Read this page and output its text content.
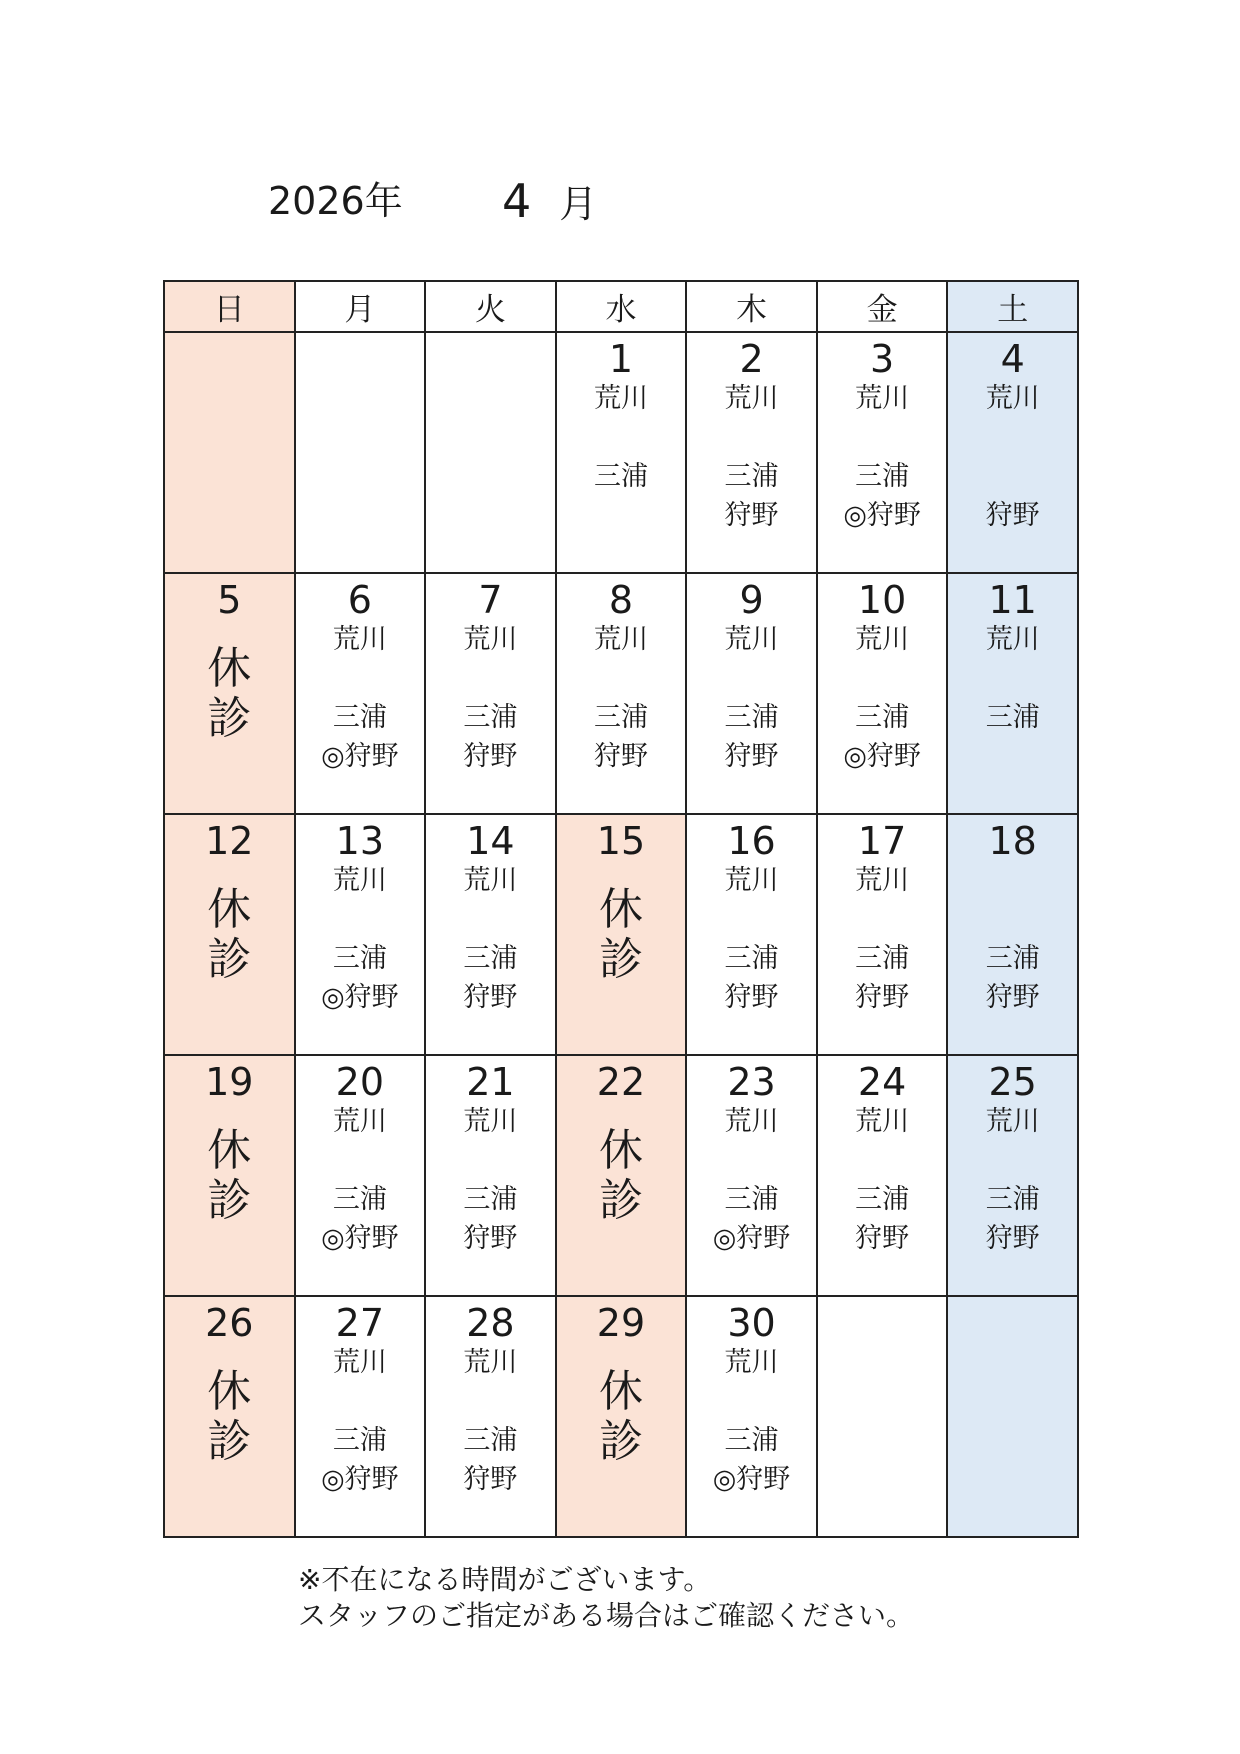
2026年 4 月
日	月	火	水	木	金	土

			1
荒川
三浦	2
荒川
三浦
狩野	3
荒川
三浦
◎狩野	4
荒川
狩野

5
休
診	6
荒川
三浦
◎狩野	7
荒川
三浦
狩野	8
荒川
三浦
狩野	9
荒川
三浦
狩野	10
荒川
三浦
◎狩野	11
荒川
三浦

12
休
診	13
荒川
三浦
◎狩野	14
荒川
三浦
狩野	15
休
診	16
荒川
三浦
狩野	17
荒川
三浦
狩野	18
三浦
狩野

19
休
診	20
荒川
三浦
◎狩野	21
荒川
三浦
狩野	22
休
診	23
荒川
三浦
◎狩野	24
荒川
三浦
狩野	25
荒川
三浦
狩野

26
休
診	27
荒川
三浦
◎狩野	28
荒川
三浦
狩野	29
休
診	30
荒川
三浦
◎狩野		

※不在になる時間がございます。
スタッフのご指定がある場合はご確認ください。
